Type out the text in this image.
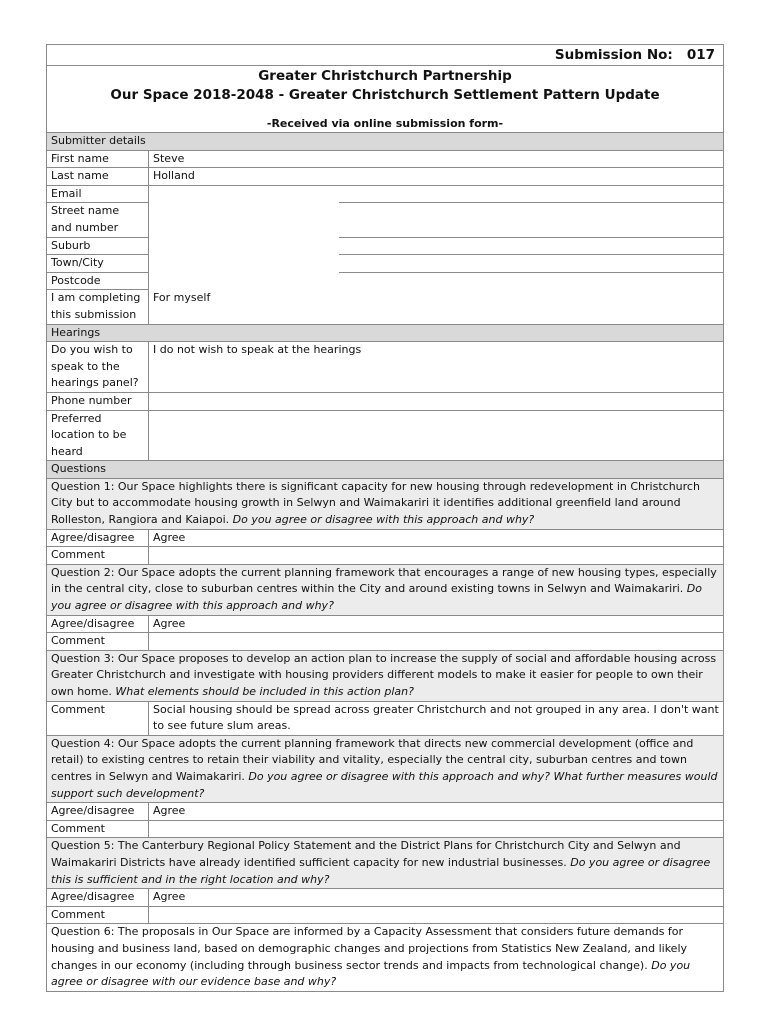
Submission No: 017		

Greater Christchurch Partnership
Our Space 2018-2048 - Greater Christchurch Settlement Pattern Update
-Received via online submission form-		

Submitter details		
First name	Steve	
Last name	Holland	
Email		

Street name
and number		

Suburb		
Town/City		
Postcode		

I am completing
this submission	For myself	
Hearings		

Do you wish to
speak to the
hearings panel?	I do not wish to speak at the hearings	
Phone number		

Preferred
location to be
heard		

Questions		
Question 1: Our Space highlights there is significant capacity for new housing through redevelopment in Christchurch City but to accommodate housing growth in Selwyn and Waimakariri it identifies additional greenfield land around Rolleston, Rangiora and Kaiapoi. Do you agree or disagree with this approach and why?		
Agree/disagree	Agree	
Comment		
Question 2: Our Space adopts the current planning framework that encourages a range of new housing types, especially in the central city, close to suburban centres within the City and around existing towns in Selwyn and Waimakariri. Do you agree or disagree with this approach and why?		
Agree/disagree	Agree	
Comment		
Question 3: Our Space proposes to develop an action plan to increase the supply of social and affordable housing across Greater Christchurch and investigate with housing providers different models to make it easier for people to own their own home. What elements should be included in this action plan?		
Comment	Social housing should be spread across greater Christchurch and not grouped in any area. I don't want to see future slum areas.	
Question 4: Our Space adopts the current planning framework that directs new commercial development (office and retail) to existing centres to retain their viability and vitality, especially the central city, suburban centres and town centres in Selwyn and Waimakariri. Do you agree or disagree with this approach and why? What further measures would support such development?		
Agree/disagree	Agree	
Comment		
Question 5: The Canterbury Regional Policy Statement and the District Plans for Christchurch City and Selwyn and Waimakariri Districts have already identified sufficient capacity for new industrial businesses. Do you agree or disagree this is sufficient and in the right location and why?		
Agree/disagree	Agree	
Comment		
Question 6: The proposals in Our Space are informed by a Capacity Assessment that considers future demands for housing and business land, based on demographic changes and projections from Statistics New Zealand, and likely changes in our economy (including through business sector trends and impacts from technological change). Do you agree or disagree with our evidence base and why?		
